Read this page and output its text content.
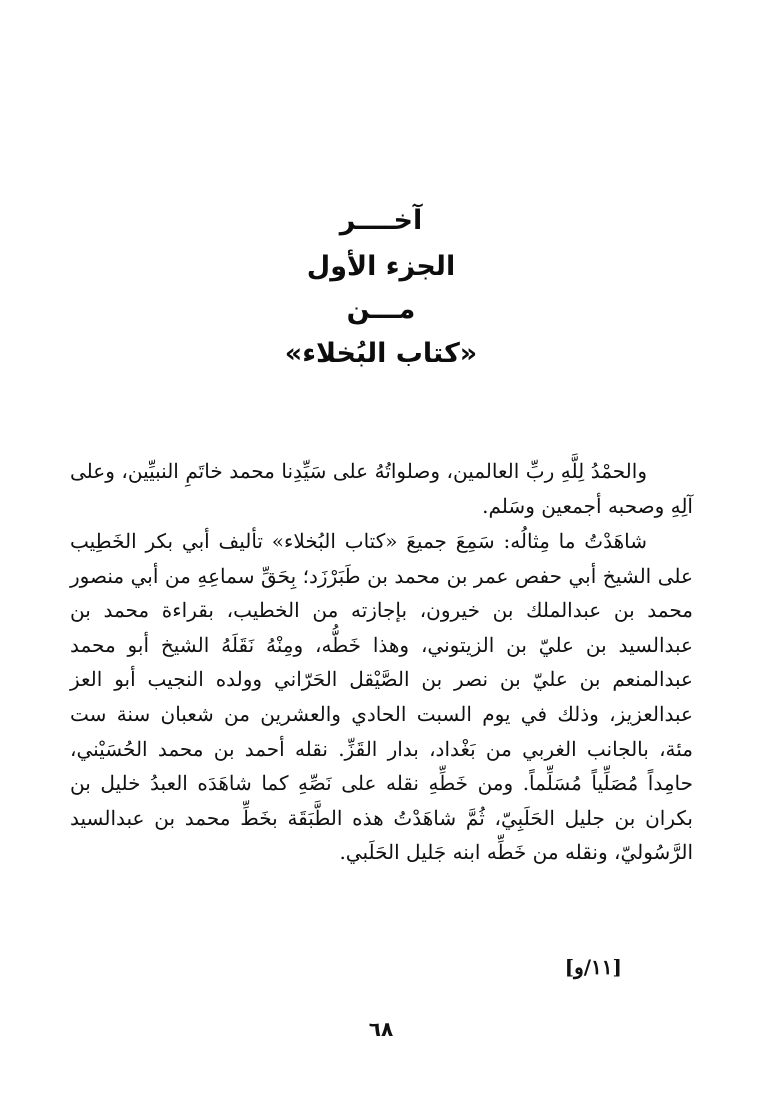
آخــــر
الجزء الأول
مـــن
«كتاب البُخلاء»

والحمْدُ لِلَّهِ ربِّ العالمين، وصلواتُهُ على سَيِّدِنا محمد خاتَمِ النبيِّين، وعلى آلِهِ وصحبه أجمعين وسَلم.

شاهَدْتُ ما مِثالُه: سَمِعَ جميعَ «كتاب البُخلاء» تأليف أبي بكر الخَطِيب على الشيخ أبي حفص عمر بن محمد بن طَبَرْزَد؛ بِحَقِّ سماعِهِ من أبي منصور محمد بن عبدالملك بن خيرون، بإجازته من الخطيب، بقراءة محمد بن عبدالسيد بن عليّ بن الزيتوني، وهذا خَطُّه، ومِنْهُ نَقَلَهُ الشيخ أبو محمد عبدالمنعم بن عليّ بن نصر بن الصَّيْقل الحَرّاني وولده النجيب أبو العز عبدالعزيز، وذلك في يوم السبت الحادي والعشرين من شعبان سنة ست مئة، بالجانب الغربي من بَغْداد، بدار القَزِّ. نقله أحمد بن محمد الحُسَيْني، حامِداً مُصَلِّياً مُسَلِّماً. ومن خَطِّهِ نقله على نَصِّهِ كما شاهَدَه العبدُ خليل بن بكران بن جليل الحَلَبِيّ، ثُمَّ شاهَدْتُ هذه الطَّبَقَة بخَطِّ محمد بن عبدالسيد الرَّسُوليّ، ونقله من خَطِّه ابنه جَليل الحَلَبي.

[١١/و]
٦٨
